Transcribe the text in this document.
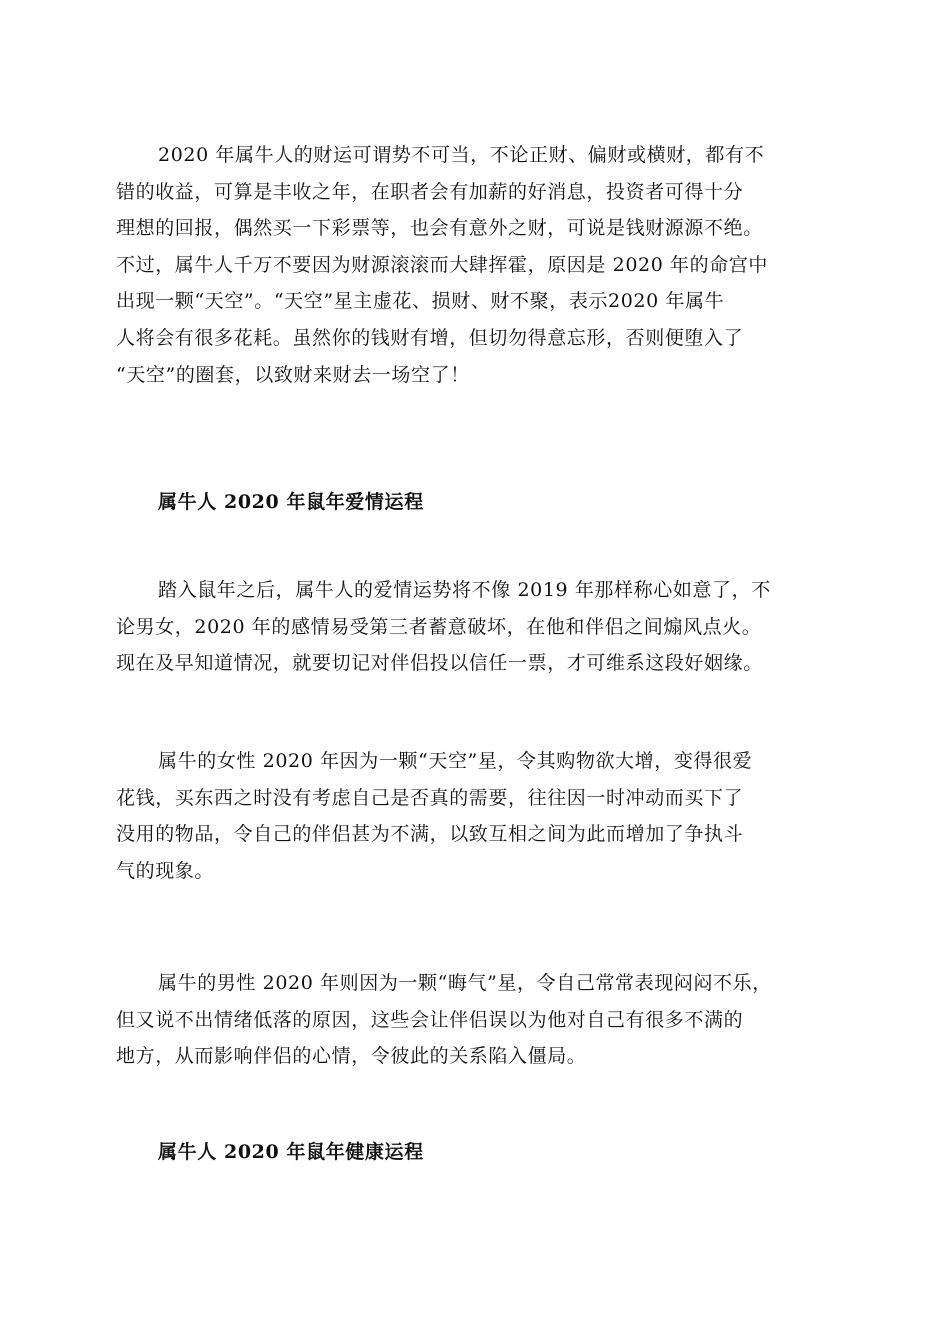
2020 年属牛人的财运可谓势不可当，不论正财、偏财或横财，都有不
错的收益，可算是丰收之年，在职者会有加薪的好消息，投资者可得十分
理想的回报，偶然买一下彩票等，也会有意外之财，可说是钱财源源不绝。
不过，属牛人千万不要因为财源滚滚而大肆挥霍，原因是 2020 年的命宫中
出现一颗“天空”。“天空”星主虚花、损财、财不聚，表示2020 年属牛
人将会有很多花耗。虽然你的钱财有增，但切勿得意忘形，否则便堕入了
“天空”的圈套，以致财来财去一场空了！

属牛人 2020 年鼠年爱情运程

踏入鼠年之后，属牛人的爱情运势将不像 2019 年那样称心如意了，不
论男女，2020 年的感情易受第三者蓄意破坏，在他和伴侣之间煽风点火。
现在及早知道情况，就要切记对伴侣投以信任一票，才可维系这段好姻缘。

属牛的女性 2020 年因为一颗“天空”星，令其购物欲大增，变得很爱
花钱，买东西之时没有考虑自己是否真的需要，往往因一时冲动而买下了
没用的物品，令自己的伴侣甚为不满，以致互相之间为此而增加了争执斗
气的现象。

属牛的男性 2020 年则因为一颗“晦气”星，令自己常常表现闷闷不乐，
但又说不出情绪低落的原因，这些会让伴侣误以为他对自己有很多不满的
地方，从而影响伴侣的心情，令彼此的关系陷入僵局。

属牛人 2020 年鼠年健康运程
